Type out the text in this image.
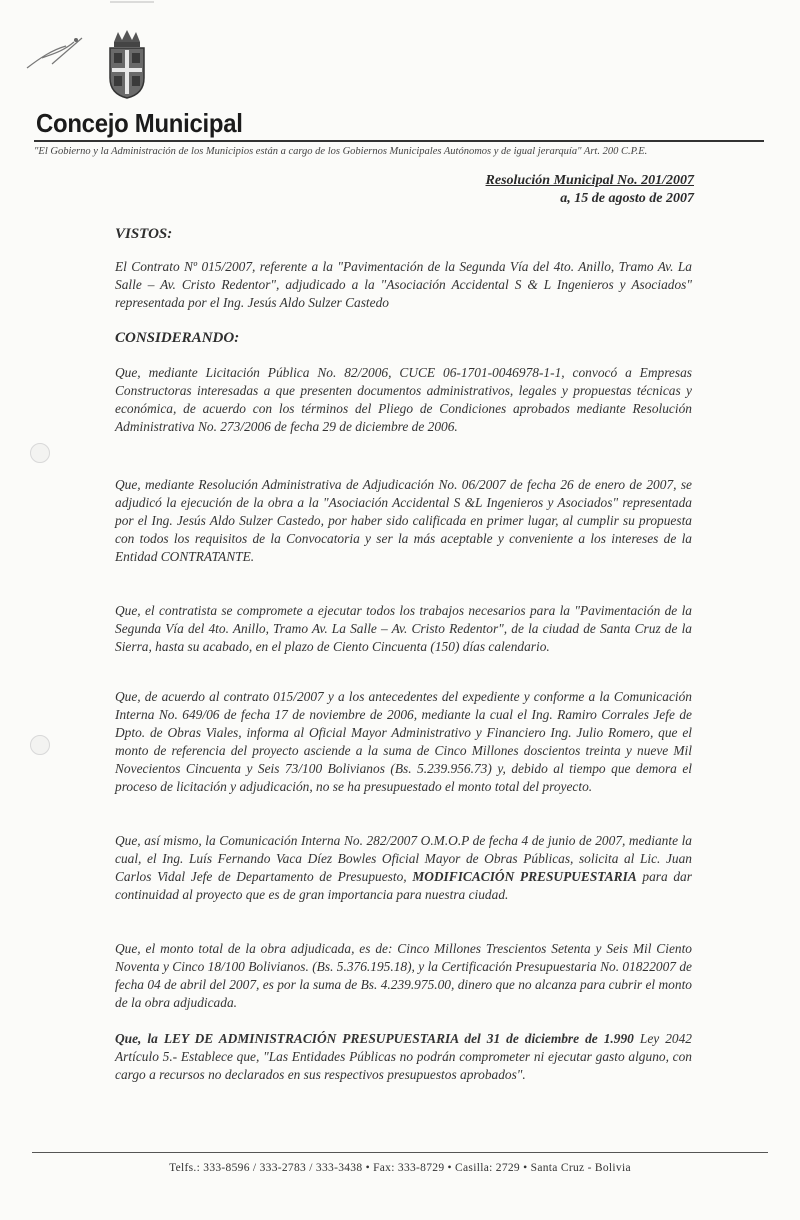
Concejo Municipal
"El Gobierno y la Administración de los Municipios están a cargo de los Gobiernos Municipales Autónomos y de igual jerarquía" Art. 200 C.P.E.
Resolución Municipal No. 201/2007
a, 15 de agosto de 2007
VISTOS:
El Contrato Nº 015/2007, referente a la "Pavimentación de la Segunda Vía del 4to. Anillo, Tramo Av. La Salle – Av. Cristo Redentor", adjudicado a la "Asociación Accidental S & L Ingenieros y Asociados" representada por el Ing. Jesús Aldo Sulzer Castedo
CONSIDERANDO:
Que, mediante Licitación Pública No. 82/2006, CUCE 06-1701-0046978-1-1, convocó a Empresas Constructoras interesadas a que presenten documentos administrativos, legales y propuestas técnicas y económica, de acuerdo con los términos del Pliego de Condiciones aprobados mediante Resolución Administrativa No. 273/2006 de fecha 29 de diciembre de 2006.
Que, mediante Resolución Administrativa de Adjudicación No. 06/2007 de fecha 26 de enero de 2007, se adjudicó la ejecución de la obra a la "Asociación Accidental S &L Ingenieros y Asociados" representada por el Ing. Jesús Aldo Sulzer Castedo, por haber sido calificada en primer lugar, al cumplir su propuesta con todos los requisitos de la Convocatoria y ser la más aceptable y conveniente a los intereses de la Entidad CONTRATANTE.
Que, el contratista se compromete a ejecutar todos los trabajos necesarios para la "Pavimentación de la Segunda Vía del 4to. Anillo, Tramo Av. La Salle – Av. Cristo Redentor", de la ciudad de Santa Cruz de la Sierra, hasta su acabado, en el plazo de Ciento Cincuenta (150) días calendario.
Que, de acuerdo al contrato 015/2007 y a los antecedentes del expediente y conforme a la Comunicación Interna No. 649/06 de fecha 17 de noviembre de 2006, mediante la cual el Ing. Ramiro Corrales Jefe de Dpto. de Obras Viales, informa al Oficial Mayor Administrativo y Financiero Ing. Julio Romero, que el monto de referencia del proyecto asciende a la suma de Cinco Millones doscientos treinta y nueve Mil Novecientos Cincuenta y Seis 73/100 Bolivianos (Bs. 5.239.956.73) y, debido al tiempo que demora el proceso de licitación y adjudicación, no se ha presupuestado el monto total del proyecto.
Que, así mismo, la Comunicación Interna No. 282/2007 O.M.O.P de fecha 4 de junio de 2007, mediante la cual, el Ing. Luís Fernando Vaca Díez Bowles Oficial Mayor de Obras Públicas, solicita al Lic. Juan Carlos Vidal Jefe de Departamento de Presupuesto, MODIFICACIÓN PRESUPUESTARIA para dar continuidad al proyecto que es de gran importancia para nuestra ciudad.
Que, el monto total de la obra adjudicada, es de: Cinco Millones Trescientos Setenta y Seis Mil Ciento Noventa y Cinco 18/100 Bolivianos. (Bs. 5.376.195.18), y la Certificación Presupuestaria No. 01822007 de fecha 04 de abril del 2007, es por la suma de Bs. 4.239.975.00, dinero que no alcanza para cubrir el monto de la obra adjudicada.
Que, la LEY DE ADMINISTRACIÓN PRESUPUESTARIA del 31 de diciembre de 1.990 Ley 2042 Artículo 5.- Establece que, "Las Entidades Públicas no podrán comprometer ni ejecutar gasto alguno, con cargo a recursos no declarados en sus respectivos presupuestos aprobados".
Telfs.: 333-8596 / 333-2783 / 333-3438 • Fax: 333-8729 • Casilla: 2729 • Santa Cruz - Bolivia
